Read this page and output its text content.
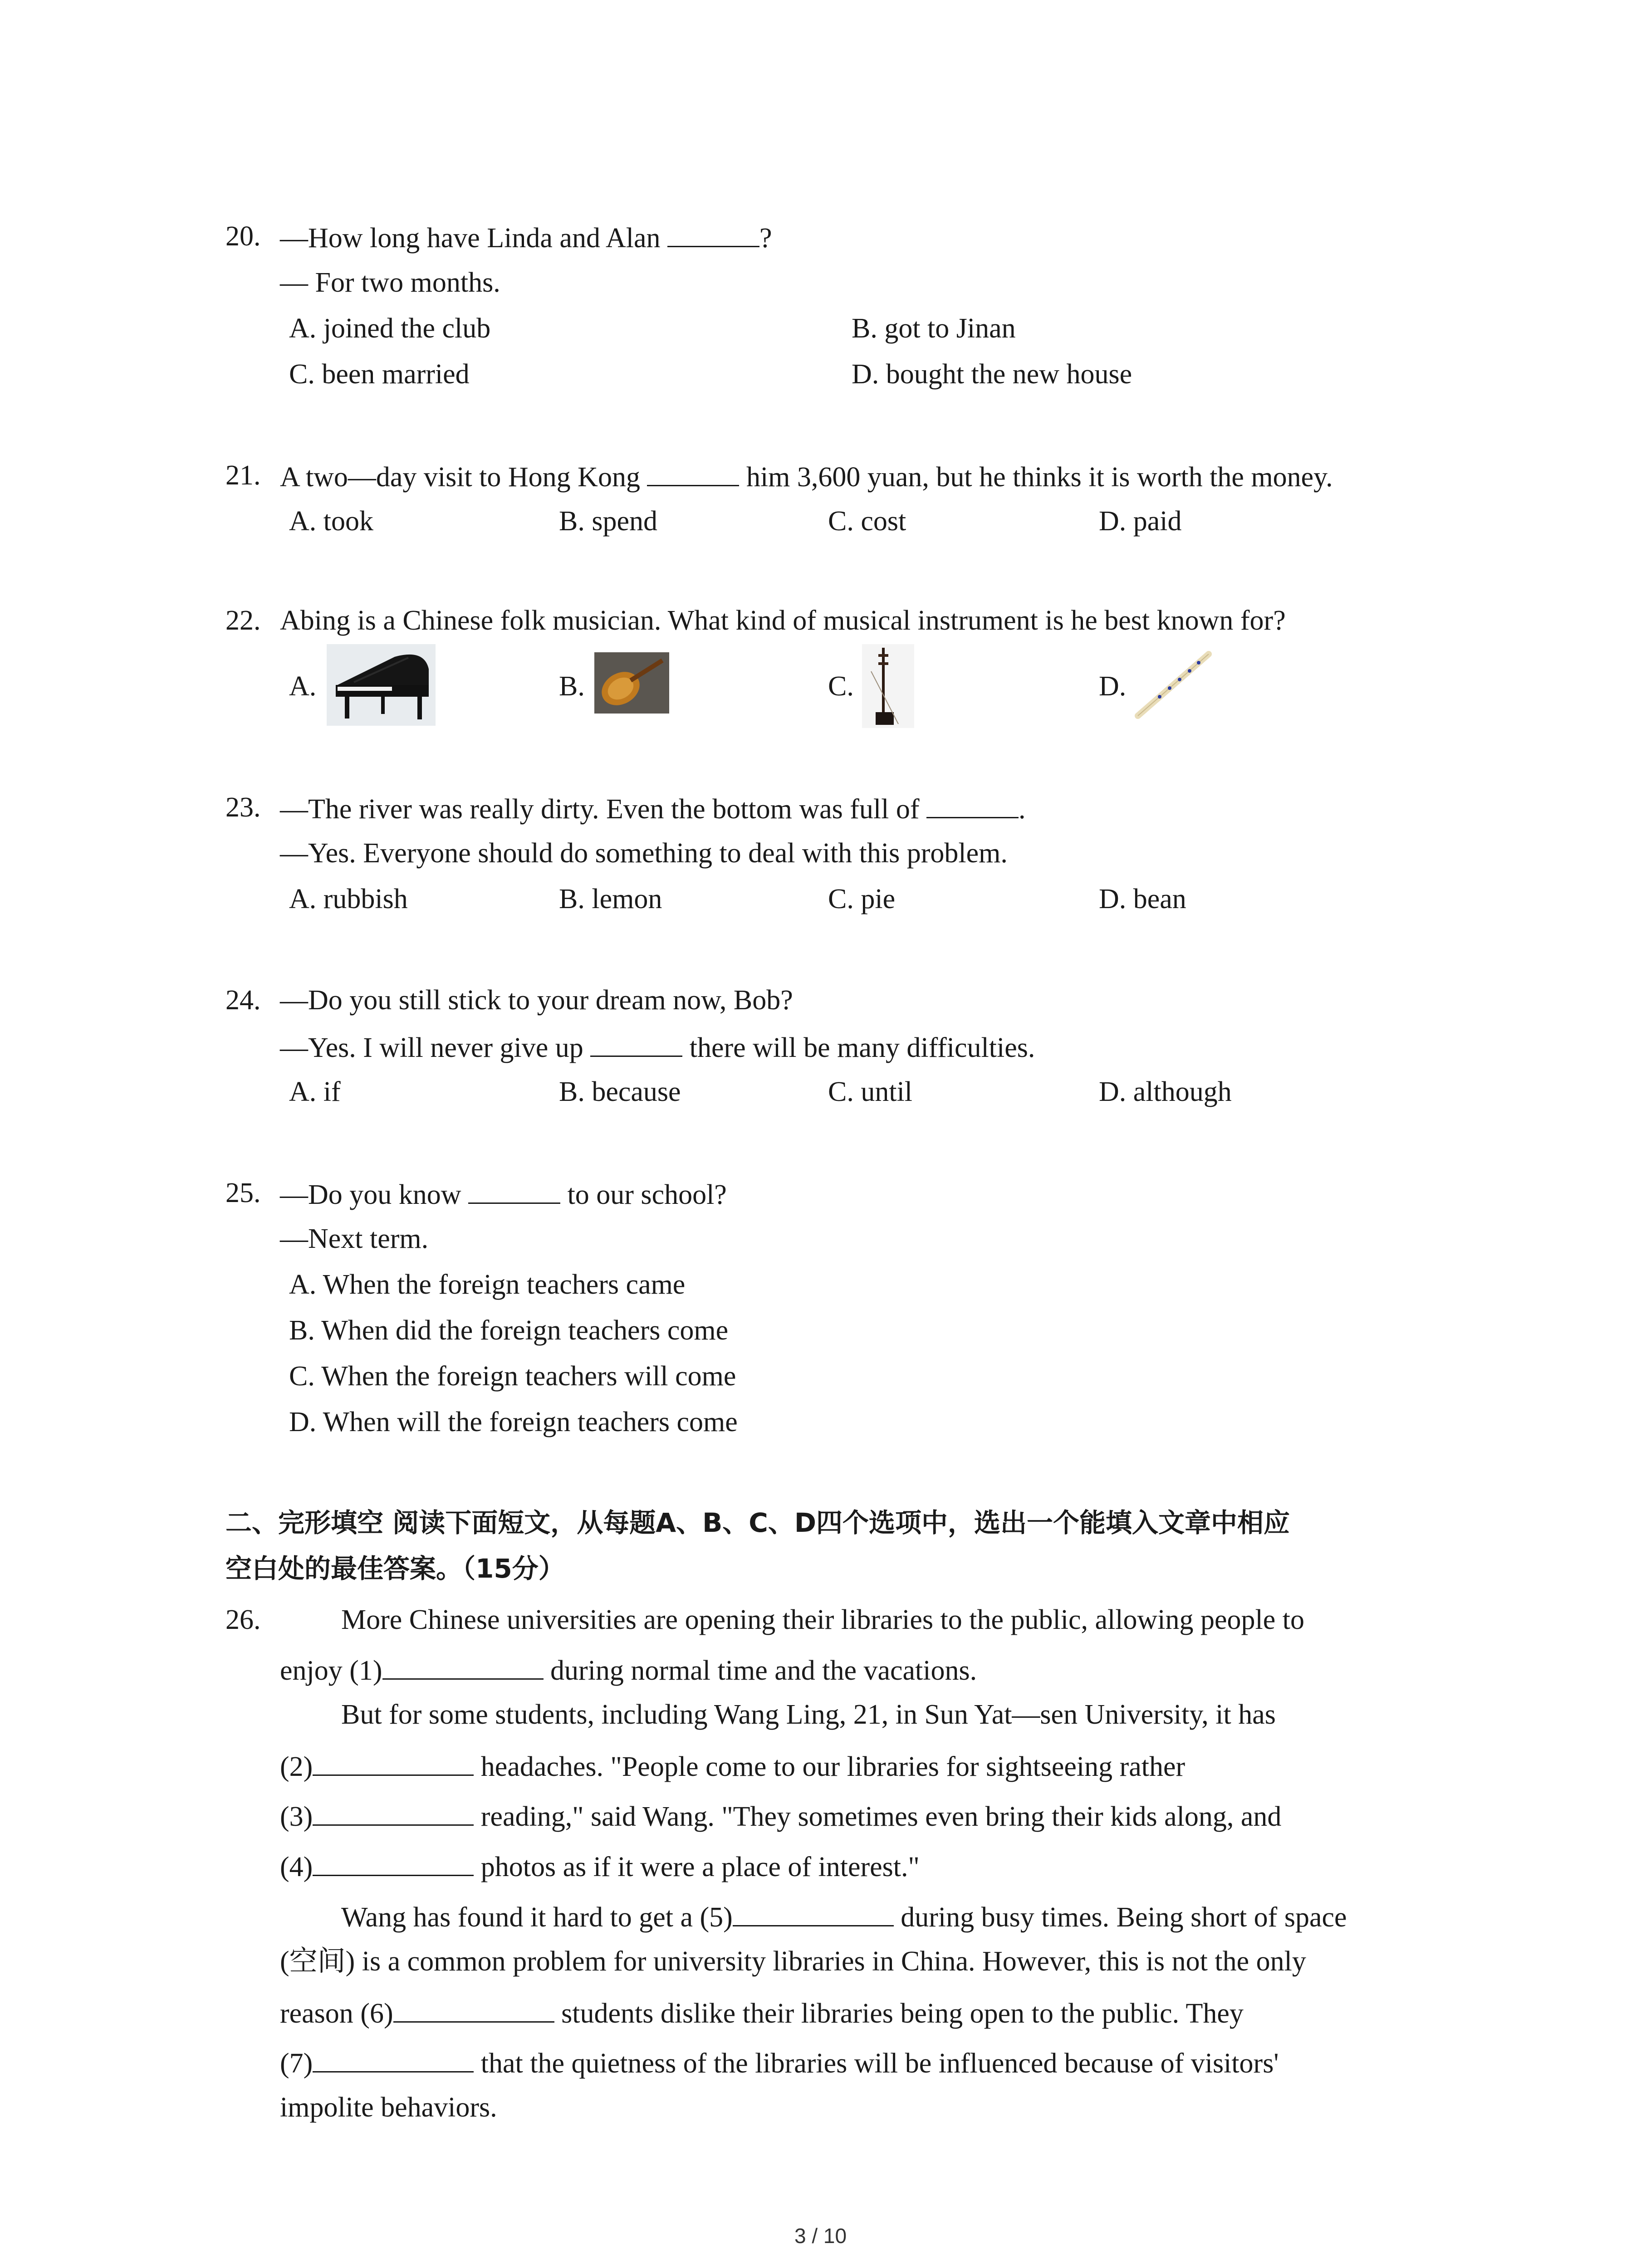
20. —How long have Linda and Alan	?
— For two months.
A. joined the club	B. got to Jinan
C. been married	D. bought the new house
21. A two—day visit to Hong Kong	him 3,600 yuan, but he thinks it is worth the money.
A. took	B. spend	C. cost	D. paid
22. Abing is a Chinese folk musician. What kind of musical instrument is he best known for?
A.	B.	C.	D.
23. —The river was really dirty. Even the bottom was full of	.
—Yes. Everyone should do something to deal with this problem.
A. rubbish	B. lemon	C. pie	D. bean
24. —Do you still stick to your dream now, Bob?
—Yes. I will never give up	there will be many difficulties.
A. if	B. because	C. until	D. although
25. —Do you know	to our school?
—Next term.
A. When the foreign teachers came
B. When did the foreign teachers come
C. When the foreign teachers will come
D. When will the foreign teachers come
二、完形填空 阅读下面短文，从每题A、B、C、D四个选项中，选出一个能填入文章中相应
空白处的最佳答案。（15分）
26.	More Chinese universities are opening their libraries to the public, allowing people to
enjoy (1)	during normal time and the vacations.
But for some students, including Wang Ling, 21, in Sun Yat—sen University, it has
(2)	headaches. "People come to our libraries for sightseeing rather
(3)	reading," said Wang. "They sometimes even bring their kids along, and
(4)	photos as if it were a place of interest."
Wang has found it hard to get a (5)	during busy times. Being short of space
(空间) is a common problem for university libraries in China. However, this is not the only
reason (6)	students dislike their libraries being open to the public. They
(7)	that the quietness of the libraries will be influenced because of visitors'
impolite behaviors.
3 / 10
